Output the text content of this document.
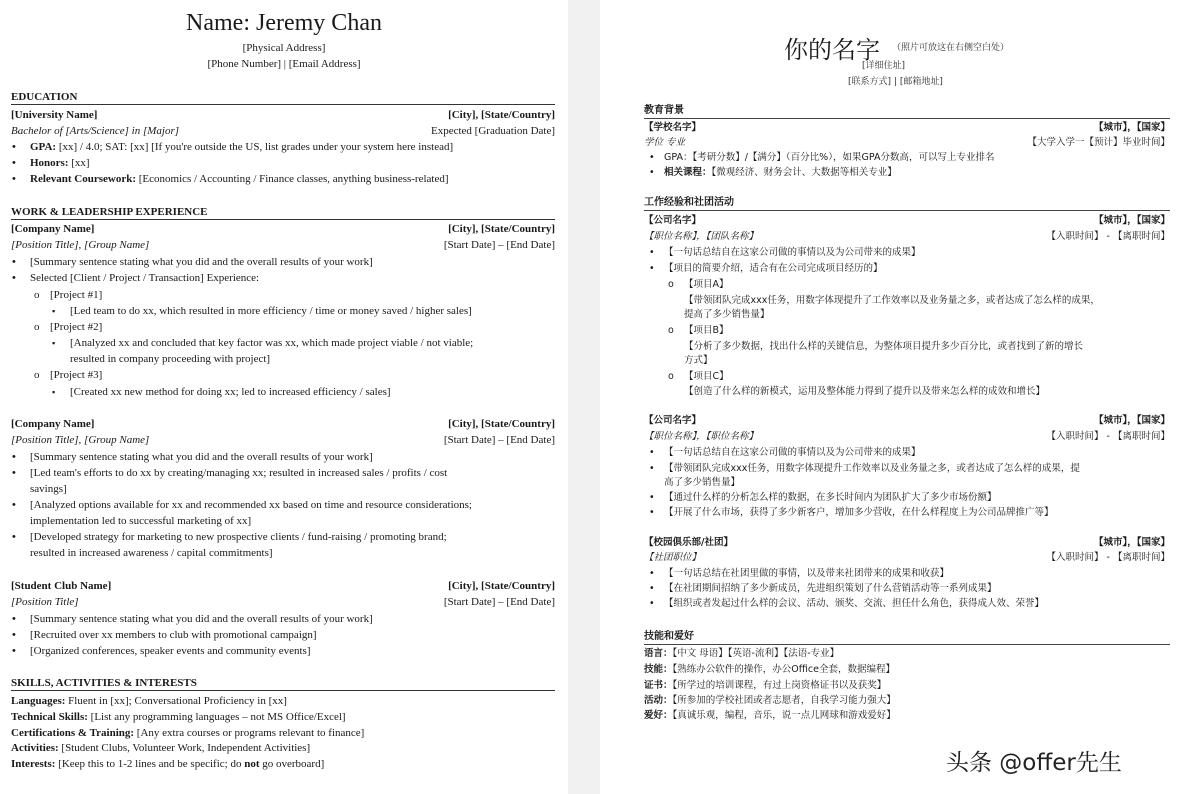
Name: Jeremy Chan
[Physical Address]
[Phone Number] | [Email Address]
EDUCATION
[University Name]	[City], [State/Country]
Bachelor of [Arts/Science] in [Major]	Expected [Graduation Date]
• GPA: [xx] / 4.0; SAT: [xx] [If you're outside the US, list grades under your system here instead]
• Honors: [xx]
• Relevant Coursework: [Economics / Accounting / Finance classes, anything business-related]
WORK & LEADERSHIP EXPERIENCE
[Company Name]	[City], [State/Country]
[Position Title], [Group Name]	[Start Date] – [End Date]
• [Summary sentence stating what you did and the overall results of your work]
• Selected [Client / Project / Transaction] Experience:
o [Project #1]
▪ [Led team to do xx, which resulted in more efficiency / time or money saved / higher sales]
o [Project #2]
▪ [Analyzed xx and concluded that key factor was xx, which made project viable / not viable;
resulted in company proceeding with project]
o [Project #3]
▪ [Created xx new method for doing xx; led to increased efficiency / sales]
[Company Name]	[City], [State/Country]
[Position Title], [Group Name]	[Start Date] – [End Date]
• [Summary sentence stating what you did and the overall results of your work]
• [Led team's efforts to do xx by creating/managing xx; resulted in increased sales / profits / cost
savings]
• [Analyzed options available for xx and recommended xx based on time and resource considerations;
implementation led to successful marketing of xx]
• [Developed strategy for marketing to new prospective clients / fund-raising / promoting brand;
resulted in increased awareness / capital commitments]
[Student Club Name]	[City], [State/Country]
[Position Title]	[Start Date] – [End Date]
• [Summary sentence stating what you did and the overall results of your work]
• [Recruited over xx members to club with promotional campaign]
• [Organized conferences, speaker events and community events]
SKILLS, ACTIVITIES & INTERESTS
Languages: Fluent in [xx]; Conversational Proficiency in [xx]
Technical Skills: [List any programming languages – not MS Office/Excel]
Certifications & Training: [Any extra courses or programs relevant to finance]
Activities: [Student Clubs, Volunteer Work, Independent Activities]
Interests: [Keep this to 1-2 lines and be specific; do not go overboard]
你的名字 （照片可放这在右侧空白处）
[详细住址]
[联系方式] | [邮箱地址]
教育背景
【学校名字】	【城市】，【国家】
学位 专业	【大学入学一【预计】毕业时间】
• GPA：【考研分数】/【满分】（百分比%），如果GPA分数高，可以写上专业排名
• 相关课程：【微观经济、财务会计、大数据等相关专业】
工作经验和社团活动
【公司名字】	【城市】，【国家】
【职位名称】，【团队名称】	【入职时间】 - 【离职时间】
• 【一句话总结自在这家公司做的事情以及为公司带来的成果】
• 【项目的简要介绍，适合有在公司完成项目经历的】
o 【项目A】
【带领团队完成xxx任务，用数字体现提升了工作效率以及业务量之多，或者达成了怎么样的成果，
提高了多少销售量】
o 【项目B】
【分析了多少数据，找出什么样的关键信息，为整体项目提升多少百分比，或者找到了新的增长
方式】
o 【项目C】
【创造了什么样的新模式，运用及整体能力得到了提升以及带来怎么样的成效和增长】
【公司名字】	【城市】，【国家】
【职位名称】，【职位名称】	【入职时间】 - 【离职时间】
• 【一句话总结自在这家公司做的事情以及为公司带来的成果】
• 【带领团队完成xxx任务，用数字体现提升工作效率以及业务量之多，或者达成了怎么样的成果，提
高了多少销售量】
• 【通过什么样的分析怎么样的数据，在多长时间内为团队扩大了多少市场份额】
• 【开展了什么市场，获得了多少新客户，增加多少营收，在什么样程度上为公司品牌推广等】
【校园俱乐部/社团】	【城市】，【国家】
【社团职位】	【入职时间】 - 【离职时间】
• 【一句话总结在社团里做的事情，以及带来社团带来的成果和收获】
• 【在社团期间招纳了多少新成员，先进组织策划了什么营销活动等一系列成果】
• 【组织或者发起过什么样的会议、活动、颁奖、交流、担任什么角色，获得成人效、荣誉】
技能和爱好
语言：【中文 母语】【英语-流利】【法语-专业】
技能：【熟练办公软件的操作，办公Office全套，数据编程】
证书：【所学过的培训课程，有过上岗资格证书以及获奖】
活动：【所参加的学校社团或者志愿者，自我学习能力强大】
爱好：【真诚乐观，编程，音乐，说一点儿网球和游戏爱好】
头条 @offer先生
